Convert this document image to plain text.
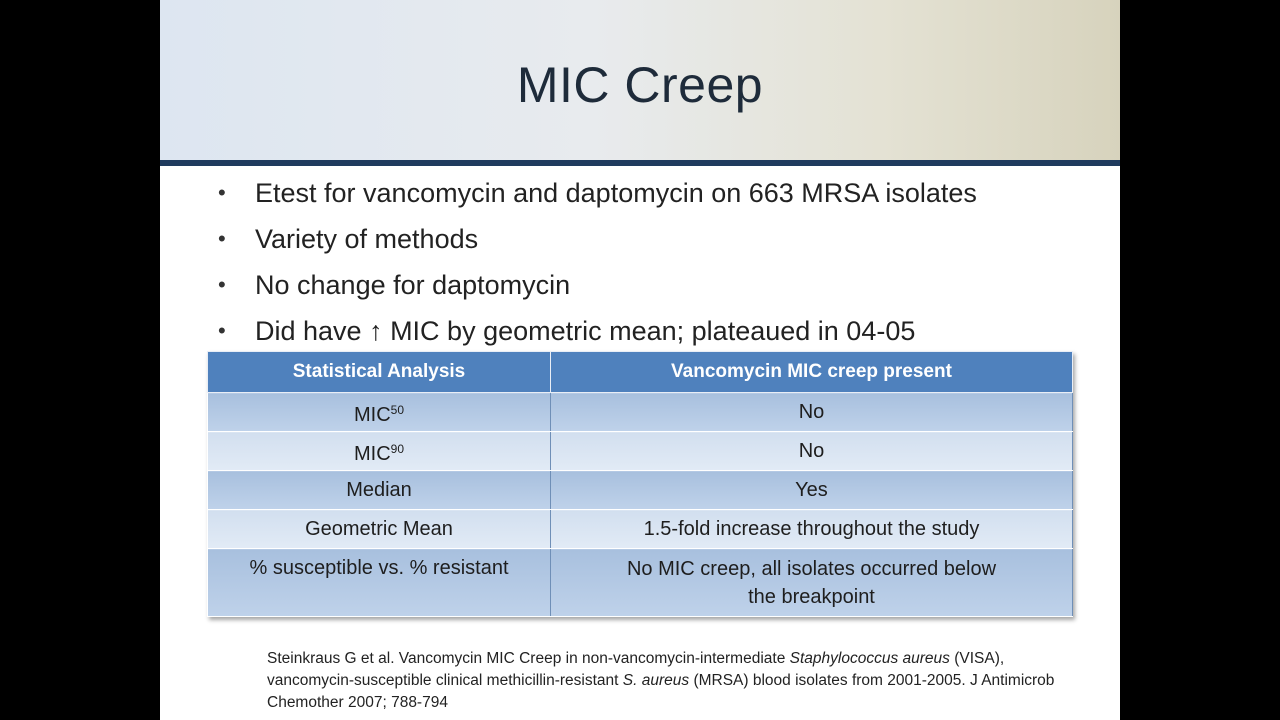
MIC Creep
• Etest for vancomycin and daptomycin on 663 MRSA isolates
• Variety of methods
• No change for daptomycin
• Did have ↑ MIC by geometric mean; plateaued in 04-05
Statistical Analysis	Vancomycin MIC creep present
MIC$^{50}$	No
MIC$^{90}$	No
Median	Yes
Geometric Mean	1.5-fold increase throughout the study
% susceptible vs. % resistant	No MIC creep, all isolates occurred below the breakpoint
Steinkraus G et al. Vancomycin MIC Creep in non-vancomycin-intermediate Staphylococcus aureus (VISA), vancomycin-susceptible clinical methicillin-resistant S. aureus (MRSA) blood isolates from 2001-2005. J Antimicrob Chemother 2007; 788-794
